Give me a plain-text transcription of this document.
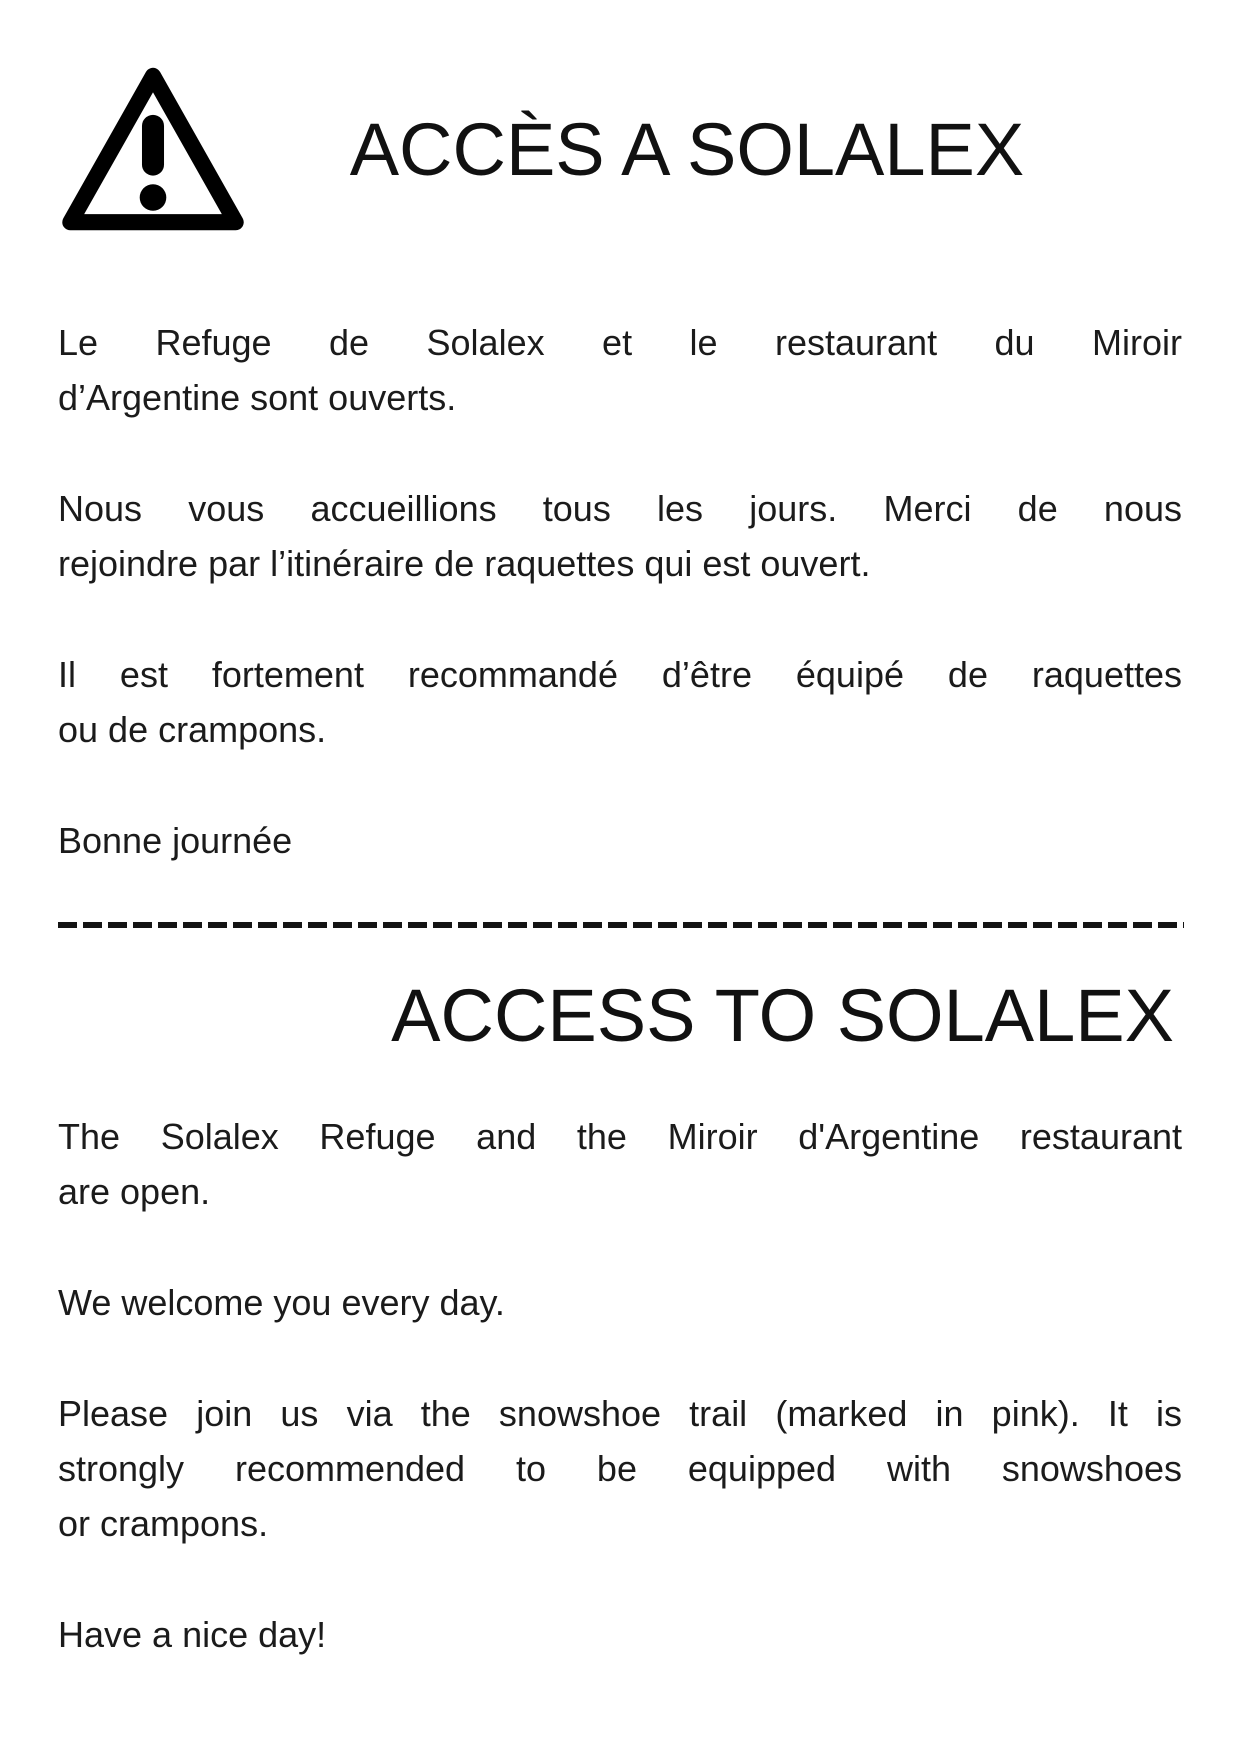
ACCÈS A SOLALEX

Le Refuge de Solalex et le restaurant du Miroir
d’Argentine sont ouverts.

Nous vous accueillions tous les jours. Merci de nous
rejoindre par l’itinéraire de raquettes qui est ouvert.

Il est fortement recommandé d’être équipé de raquettes
ou de crampons.

Bonne journée

ACCESS TO SOLALEX

The Solalex Refuge and the Miroir d'Argentine restaurant
are open.

We welcome you every day.

Please join us via the snowshoe trail (marked in pink). It is
strongly recommended to be equipped with snowshoes
or crampons.

Have a nice day!
